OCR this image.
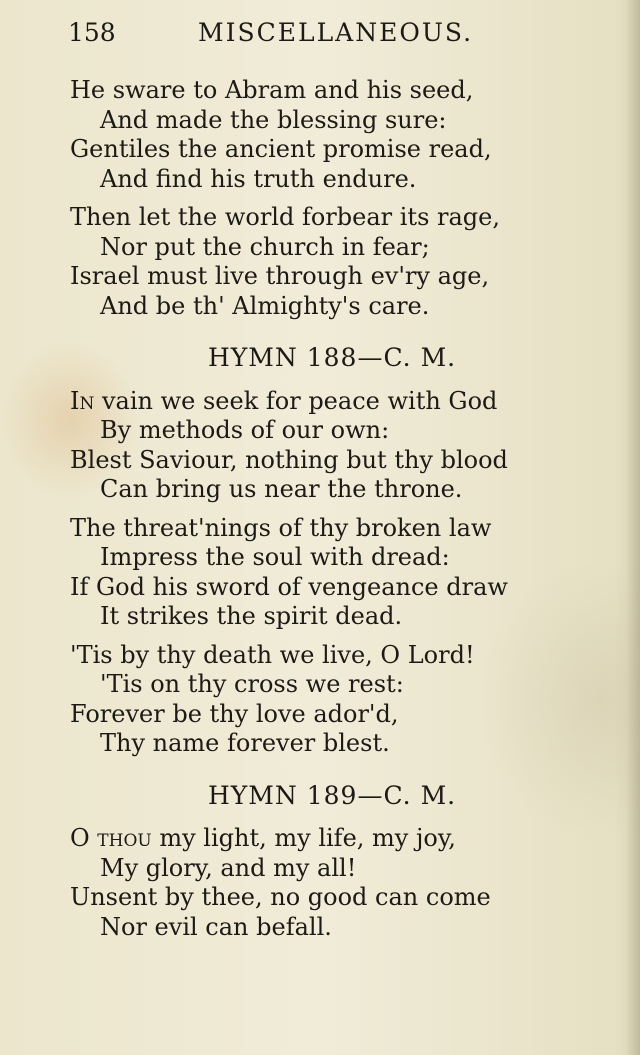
158	MISCELLANEOUS.
He sware to Abram and his seed,
And made the blessing sure:
Gentiles the ancient promise read,
And find his truth endure.
Then let the world forbear its rage,
Nor put the church in fear;
Israel must live through ev'ry age,
And be th' Almighty's care.
HYMN 188—C. M.
In vain we seek for peace with God
By methods of our own:
Blest Saviour, nothing but thy blood
Can bring us near the throne.
The threat'nings of thy broken law
Impress the soul with dread:
If God his sword of vengeance draw
It strikes the spirit dead.
'Tis by thy death we live, O Lord!
'Tis on thy cross we rest:
Forever be thy love ador'd,
Thy name forever blest.
HYMN 189—C. M.
O thou my light, my life, my joy,
My glory, and my all!
Unsent by thee, no good can come
Nor evil can befall.
